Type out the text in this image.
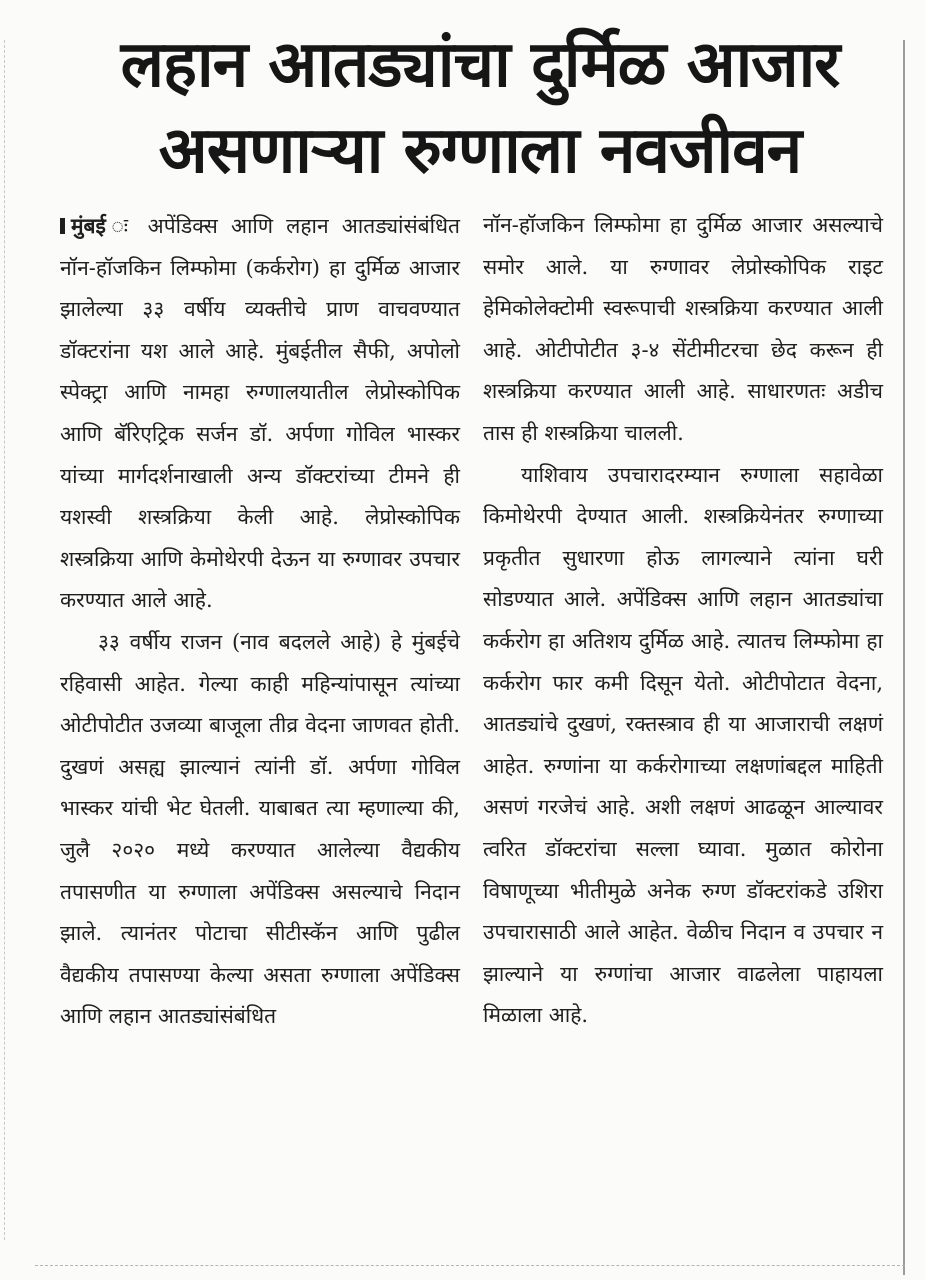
लहान आतड्यांचा दुर्मिळ आजार
असणाऱ्या रुग्णाला नवजीवन

मुंबई ः अपेंडिक्स आणि लहान आतड्यांसंबंधित नॉन-हॉजकिन लिम्फोमा (कर्करोग) हा दुर्मिळ आजार झालेल्या ३३ वर्षीय व्यक्तीचे प्राण वाचवण्यात डॉक्टरांना यश आले आहे. मुंबईतील सैफी, अपोलो स्पेक्ट्रा आणि नामहा रुग्णालयातील लेप्रोस्कोपिक आणि बॅरिएट्रिक सर्जन डॉ. अर्पणा गोविल भास्कर यांच्या मार्गदर्शनाखाली अन्य डॉक्टरांच्या टीमने ही यशस्वी शस्त्रक्रिया केली आहे. लेप्रोस्कोपिक शस्त्रक्रिया आणि केमोथेरपी देऊन या रुग्णावर उपचार करण्यात आले आहे.

३३ वर्षीय राजन (नाव बदलले आहे) हे मुंबईचे रहिवासी आहेत. गेल्या काही महिन्यांपासून त्यांच्या ओटीपोटीत उजव्या बाजूला तीव्र वेदना जाणवत होती. दुखणं असह्य झाल्यानं त्यांनी डॉ. अर्पणा गोविल भास्कर यांची भेट घेतली. याबाबत त्या म्हणाल्या की, जुलै २०२० मध्ये करण्यात आलेल्या वैद्यकीय तपासणीत या रुग्णाला अपेंडिक्स असल्याचे निदान झाले. त्यानंतर पोटाचा सीटीस्कॅन आणि पुढील वैद्यकीय तपासण्या केल्या असता रुग्णाला अपेंडिक्स आणि लहान आतड्यांसंबंधित

नॉन-हॉजकिन लिम्फोमा हा दुर्मिळ आजार असल्याचे समोर आले. या रुग्णावर लेप्रोस्कोपिक राइट हेमिकोलेक्टोमी स्वरूपाची शस्त्रक्रिया करण्यात आली आहे. ओटीपोटीत ३-४ सेंटीमीटरचा छेद करून ही शस्त्रक्रिया करण्यात आली आहे. साधारणतः अडीच तास ही शस्त्रक्रिया चालली.

याशिवाय उपचारादरम्यान रुग्णाला सहावेळा किमोथेरपी देण्यात आली. शस्त्रक्रियेनंतर रुग्णाच्या प्रकृतीत सुधारणा होऊ लागल्याने त्यांना घरी सोडण्यात आले. अपेंडिक्स आणि लहान आतड्यांचा कर्करोग हा अतिशय दुर्मिळ आहे. त्यातच लिम्फोमा हा कर्करोग फार कमी दिसून येतो. ओटीपोटात वेदना, आतड्यांचे दुखणं, रक्तस्त्राव ही या आजाराची लक्षणं आहेत. रुग्णांना या कर्करोगाच्या लक्षणांबद्दल माहिती असणं गरजेचं आहे. अशी लक्षणं आढळून आल्यावर त्वरित डॉक्टरांचा सल्ला घ्यावा. मुळात कोरोना विषाणूच्या भीतीमुळे अनेक रुग्ण डॉक्टरांकडे उशिरा उपचारासाठी आले आहेत. वेळीच निदान व उपचार न झाल्याने या रुग्णांचा आजार वाढलेला पाहायला मिळाला आहे.
